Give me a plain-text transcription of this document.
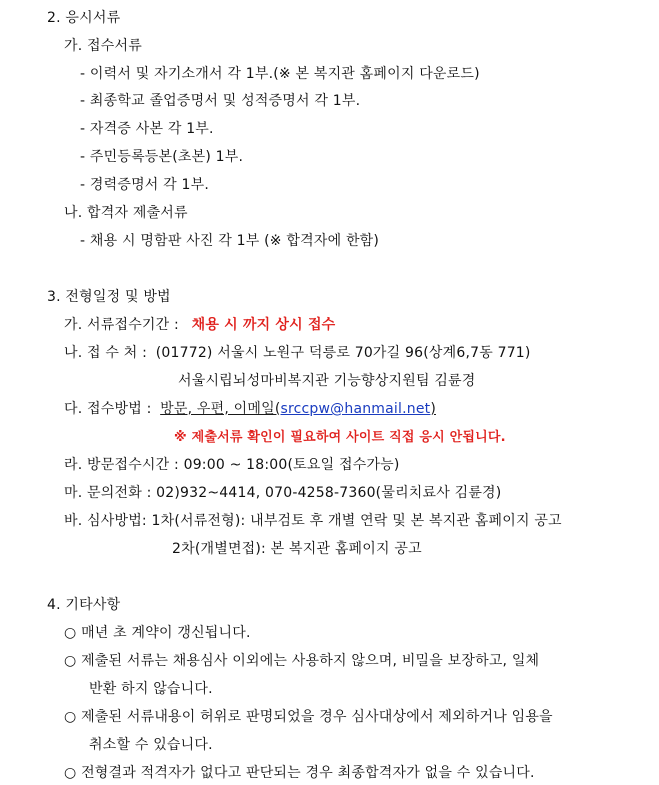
2. 응시서류
가. 접수서류
- 이력서 및 자기소개서 각 1부.(※ 본 복지관 홈페이지 다운로드)
- 최종학교 졸업증명서 및 성적증명서 각 1부.
- 자격증 사본 각 1부.
- 주민등록등본(초본) 1부.
- 경력증명서 각 1부.
나. 합격자 제출서류
- 채용 시 명함판 사진 각 1부 (※ 합격자에 한함)
3. 전형일정 및 방법
가. 서류접수기간 : 채용 시 까지 상시 접수
나. 접 수 처 : (01772) 서울시 노원구 덕릉로 70가길 96(상계6,7동 771)
서울시립뇌성마비복지관 기능향상지원팀 김륜경
다. 접수방법 : 방문, 우편, 이메일(srccpw@hanmail.net)
※ 제출서류 확인이 필요하여 사이트 직접 응시 안됩니다.
라. 방문접수시간 : 09:00 ~ 18:00(토요일 접수가능)
마. 문의전화 : 02)932~4414, 070-4258-7360(물리치료사 김륜경)
바. 심사방법: 1차(서류전형): 내부검토 후 개별 연락 및 본 복지관 홈페이지 공고
2차(개별면접): 본 복지관 홈페이지 공고
4. 기타사항
○ 매년 초 계약이 갱신됩니다.
○ 제출된 서류는 채용심사 이외에는 사용하지 않으며, 비밀을 보장하고, 일체
반환 하지 않습니다.
○ 제출된 서류내용이 허위로 판명되었을 경우 심사대상에서 제외하거나 임용을
취소할 수 있습니다.
○ 전형결과 적격자가 없다고 판단되는 경우 최종합격자가 없을 수 있습니다.
